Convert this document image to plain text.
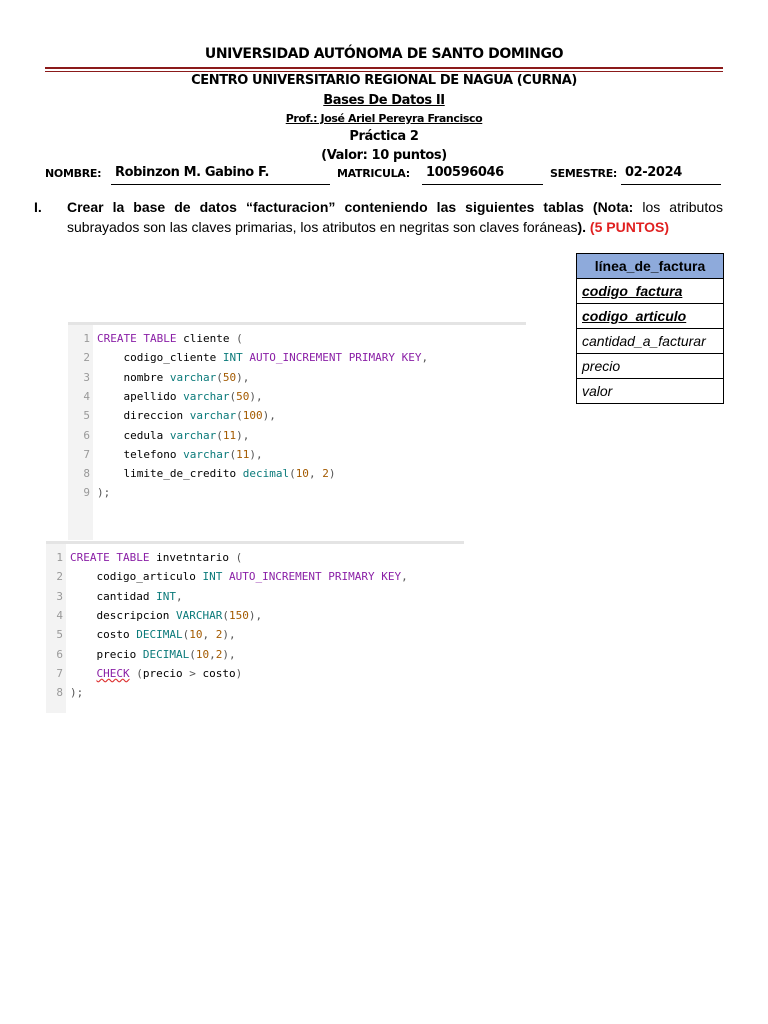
UNIVERSIDAD AUTÓNOMA DE SANTO DOMINGO
CENTRO UNIVERSITARIO REGIONAL DE NAGUA (CURNA)
Bases De Datos II
Prof.: José Ariel Pereyra Francisco
Práctica 2
(Valor: 10 puntos)
NOMBRE:	Robinzon M. Gabino F.	MATRICULA:	100596046	SEMESTRE: 02-2024
I. Crear la base de datos “facturacion” conteniendo las siguientes tablas (Nota: los atributos subrayados son las claves primarias, los atributos en negritas son claves foráneas). (5 PUNTOS)
línea_de_factura
codigo_factura
codigo_articulo
cantidad_a_facturar
precio
valor
1 CREATE TABLE cliente (
2 codigo_cliente INT AUTO_INCREMENT PRIMARY KEY,
3 nombre varchar(50),
4 apellido varchar(50),
5 direccion varchar(100),
6 cedula varchar(11),
7 telefono varchar(11),
8 limite_de_credito decimal(10, 2)
9 );
1 CREATE TABLE invetntario (
2 codigo_articulo INT AUTO_INCREMENT PRIMARY KEY,
3 cantidad INT,
4 descripcion VARCHAR(150),
5 costo DECIMAL(10, 2),
6 precio DECIMAL(10,2),
7	CHECK (precio > costo)
8 );
